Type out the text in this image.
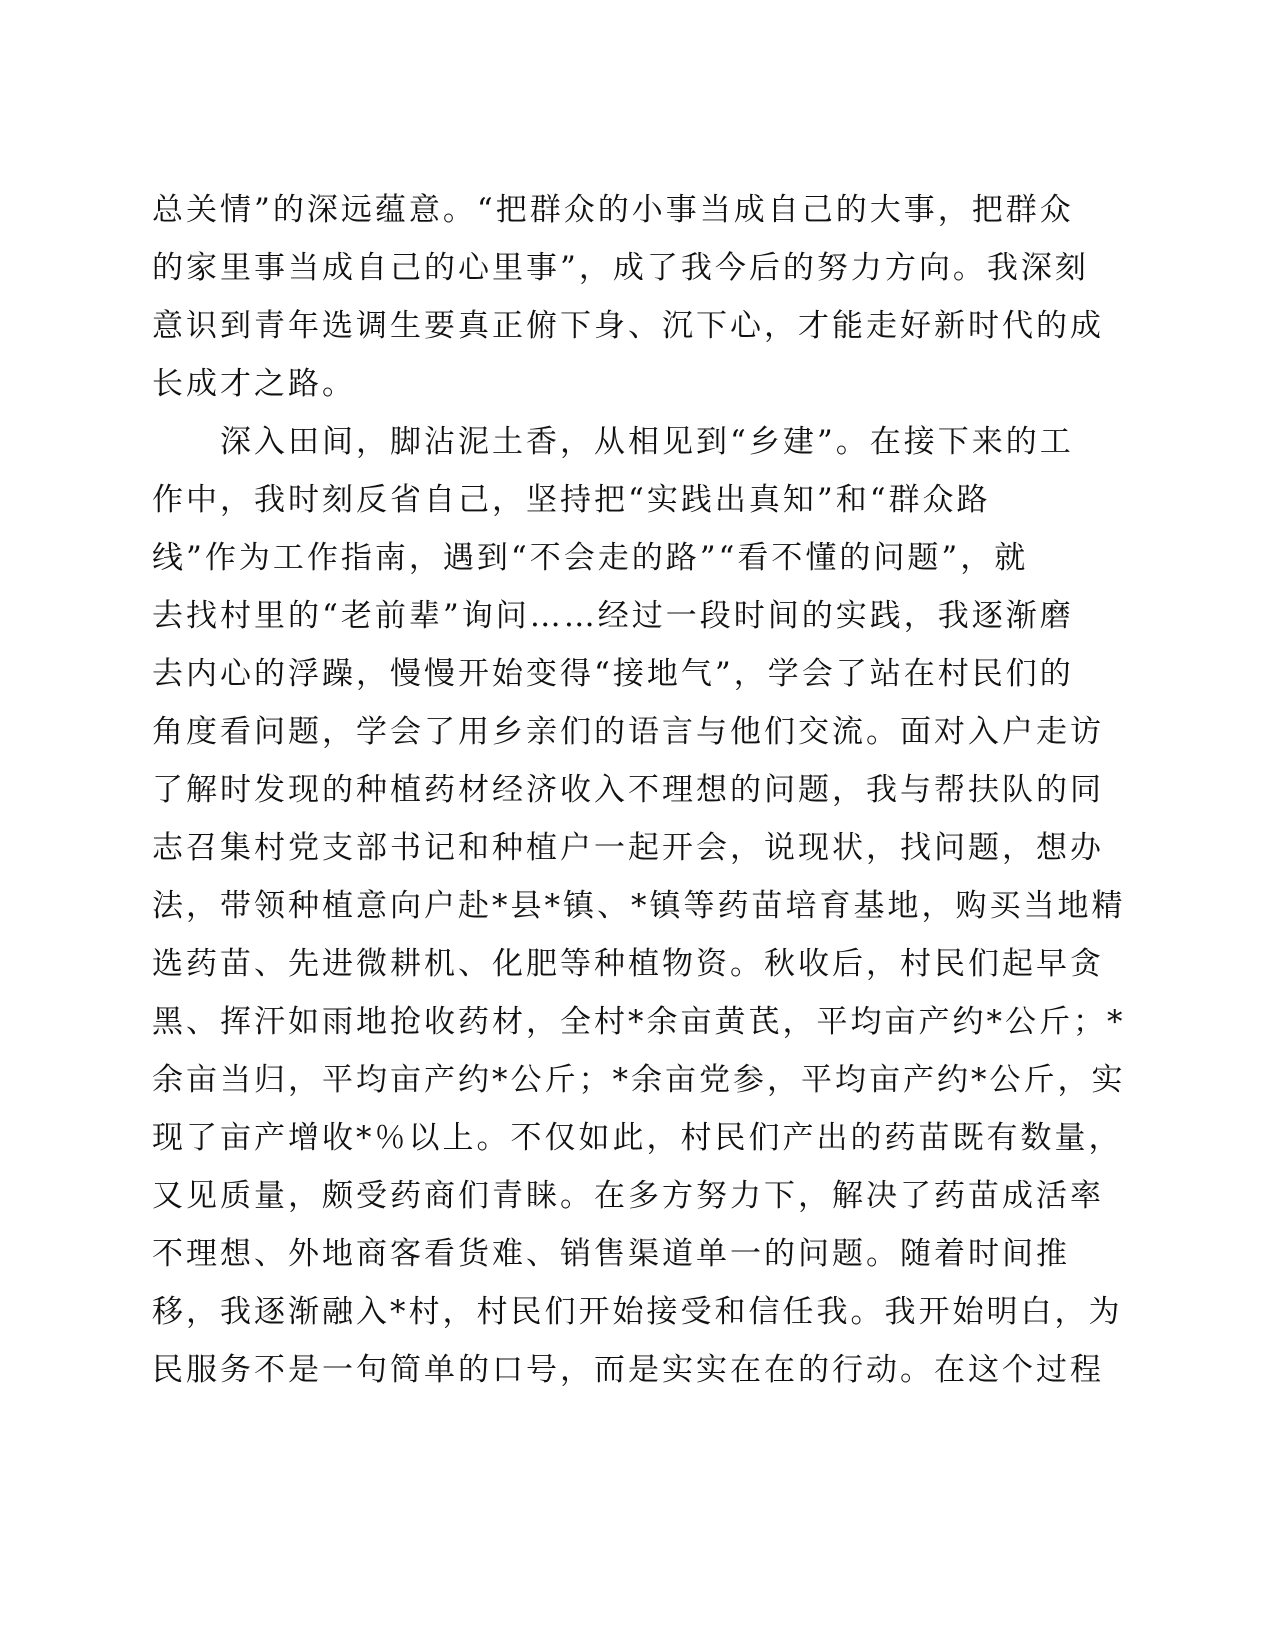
总关情”的深远蕴意。“把群众的小事当成自己的大事，把群众
的家里事当成自己的心里事”，成了我今后的努力方向。我深刻
意识到青年选调生要真正俯下身、沉下心，才能走好新时代的成
长成才之路。
　　深入田间，脚沾泥土香，从相见到“乡建”。在接下来的工
作中，我时刻反省自己，坚持把“实践出真知”和“群众路
线”作为工作指南，遇到“不会走的路”“看不懂的问题”，就
去找村里的“老前辈”询问……经过一段时间的实践，我逐渐磨
去内心的浮躁，慢慢开始变得“接地气”，学会了站在村民们的
角度看问题，学会了用乡亲们的语言与他们交流。面对入户走访
了解时发现的种植药材经济收入不理想的问题，我与帮扶队的同
志召集村党支部书记和种植户一起开会，说现状，找问题，想办
法，带领种植意向户赴*县*镇、*镇等药苗培育基地，购买当地精
选药苗、先进微耕机、化肥等种植物资。秋收后，村民们起早贪
黑、挥汗如雨地抢收药材，全村*余亩黄芪，平均亩产约*公斤；*
余亩当归，平均亩产约*公斤；*余亩党参，平均亩产约*公斤，实
现了亩产增收*％以上。不仅如此，村民们产出的药苗既有数量，
又见质量，颇受药商们青睐。在多方努力下，解决了药苗成活率
不理想、外地商客看货难、销售渠道单一的问题。随着时间推
移，我逐渐融入*村，村民们开始接受和信任我。我开始明白，为
民服务不是一句简单的口号，而是实实在在的行动。在这个过程
